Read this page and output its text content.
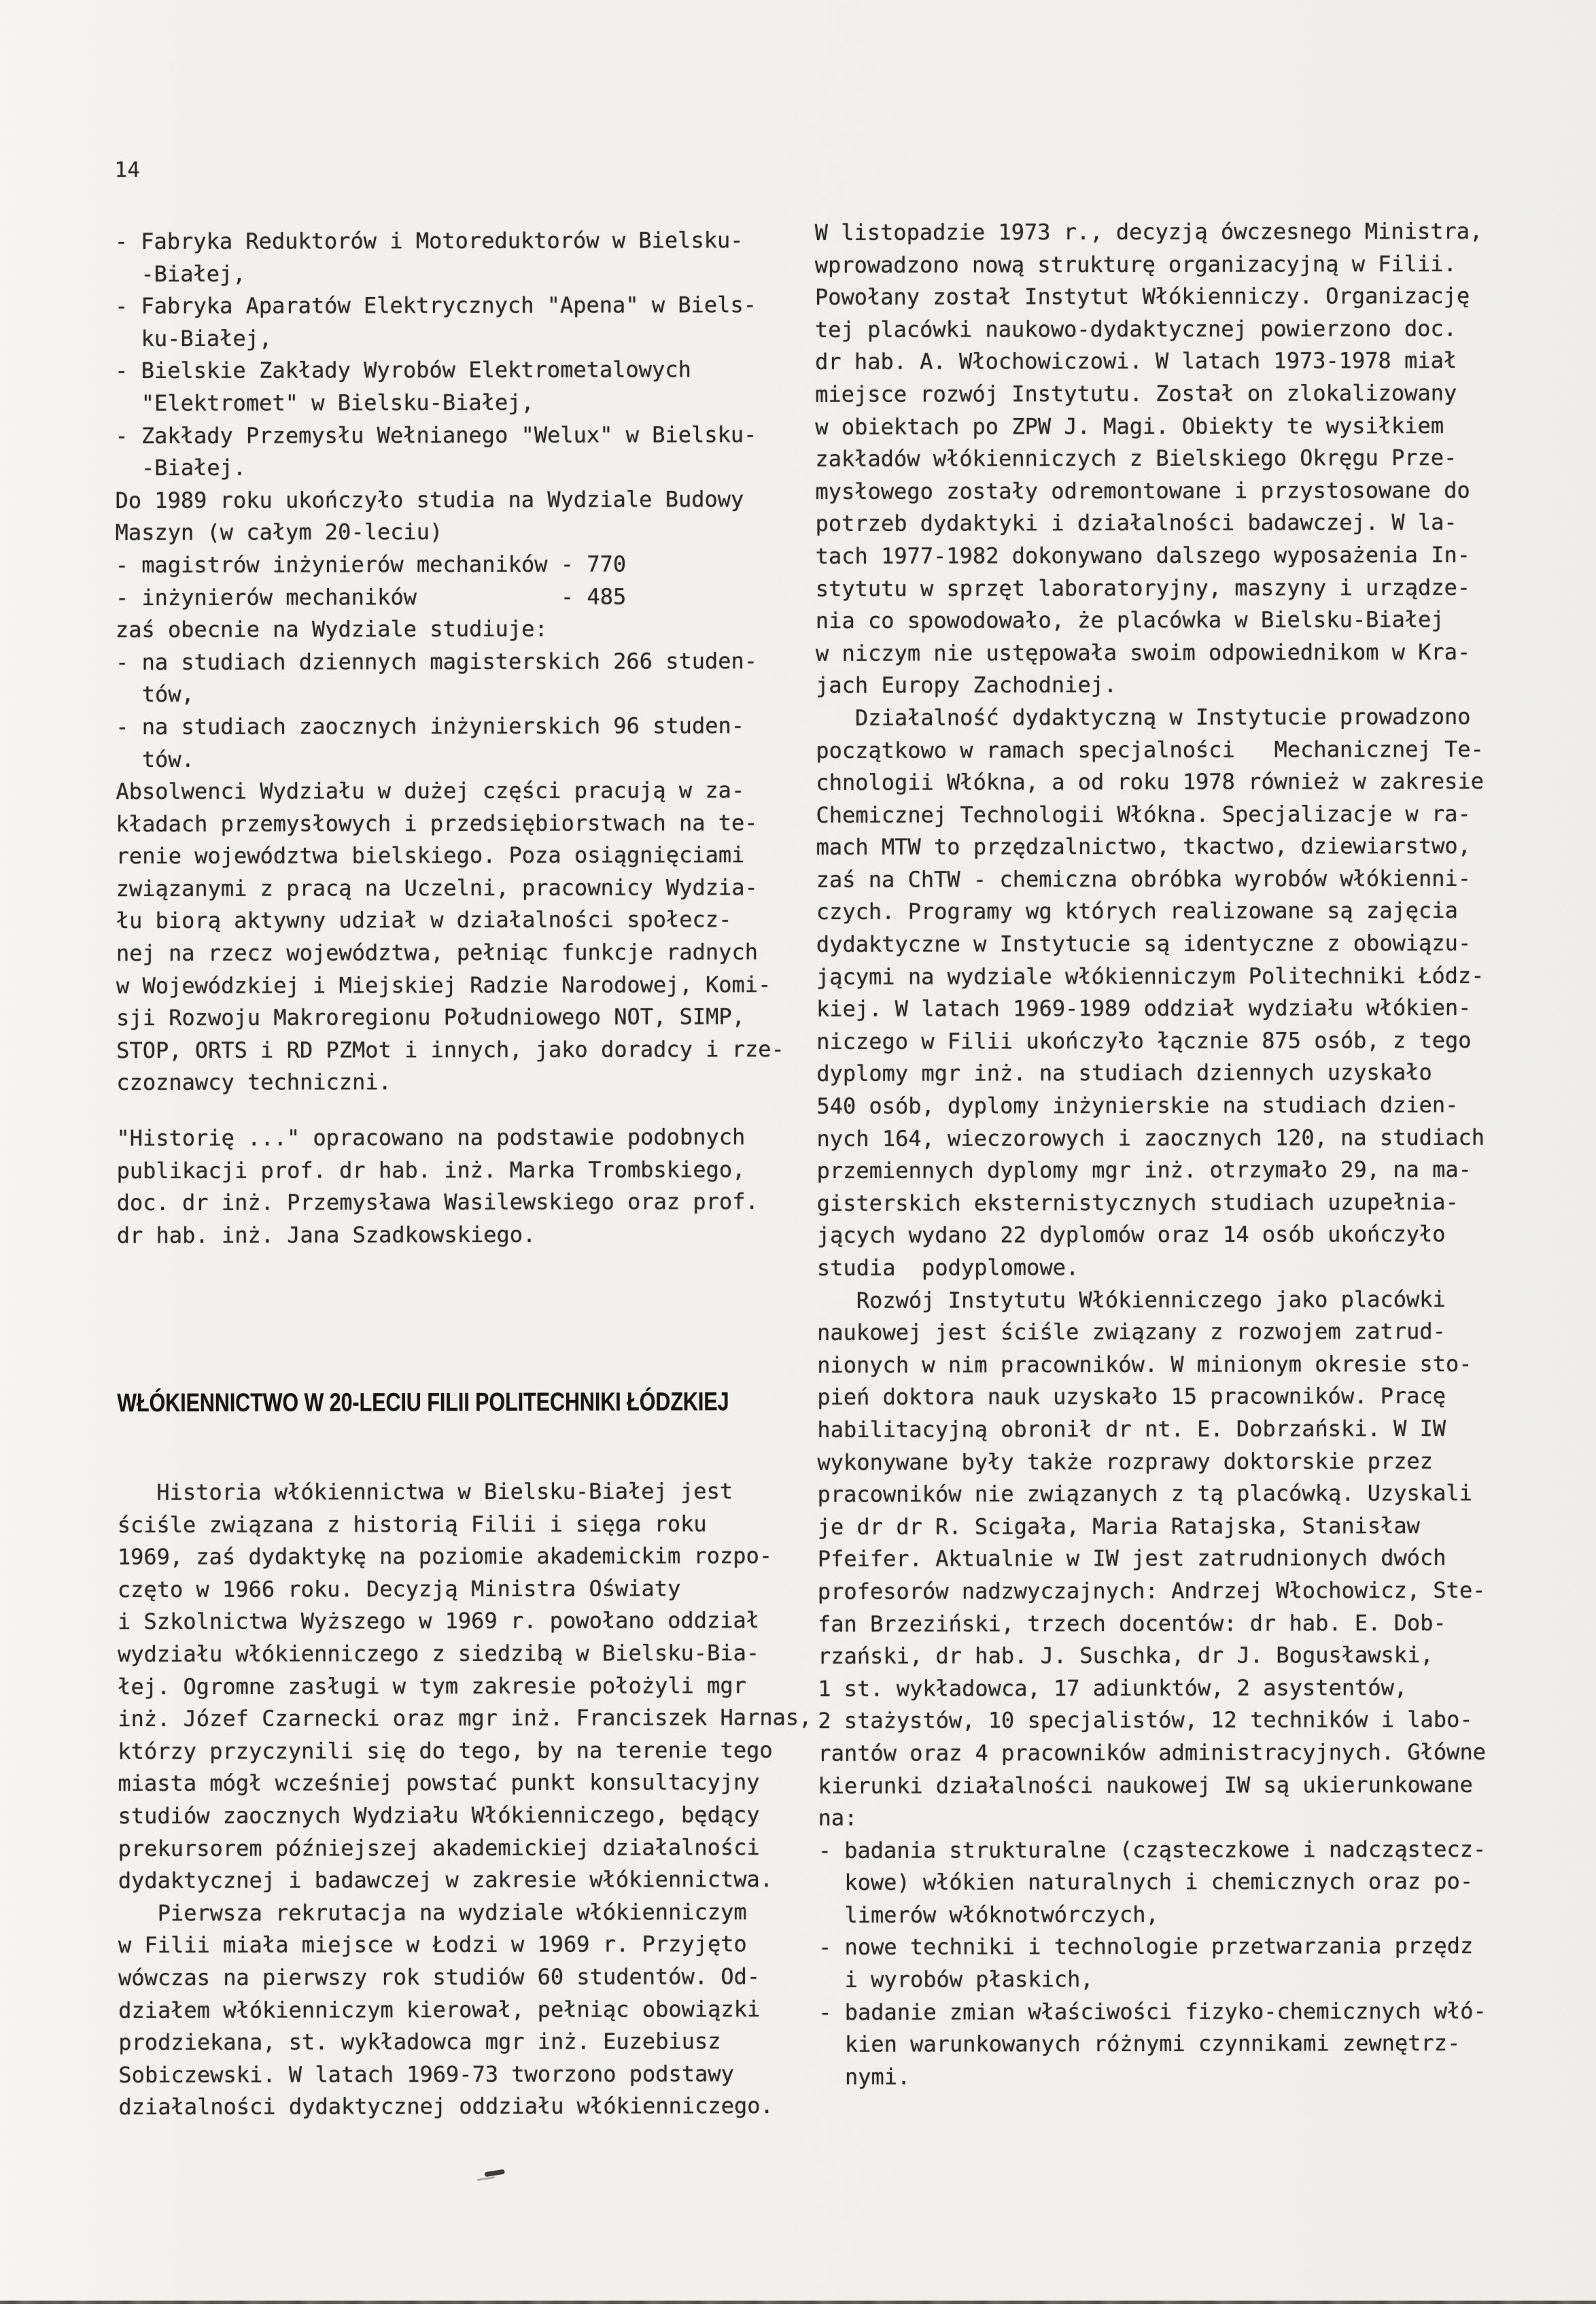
14
- Fabryka Reduktorów i Motoreduktorów w Bielsku-
-Białej,
- Fabryka Aparatów Elektrycznych "Apena" w Biels-
ku-Białej,
- Bielskie Zakłady Wyrobów Elektrometalowych
"Elektromet" w Bielsku-Białej,
- Zakłady Przemysłu Wełnianego "Welux" w Bielsku-
-Białej.
Do 1989 roku ukończyło studia na Wydziale Budowy
Maszyn (w całym 20-leciu)
- magistrów inżynierów mechaników - 770
- inżynierów mechaników           - 485
zaś obecnie na Wydziale studiuje:
- na studiach dziennych magisterskich 266 studen-
tów,
- na studiach zaocznych inżynierskich 96 studen-
tów.
Absolwenci Wydziału w dużej części pracują w za-
kładach przemysłowych i przedsiębiorstwach na te-
renie województwa bielskiego. Poza osiągnięciami
związanymi z pracą na Uczelni, pracownicy Wydzia-
łu biorą aktywny udział w działalności społecz-
nej na rzecz województwa, pełniąc funkcje radnych
w Wojewódzkiej i Miejskiej Radzie Narodowej, Komi-
sji Rozwoju Makroregionu Południowego NOT, SIMP,
STOP, ORTS i RD PZMot i innych, jako doradcy i rze-
czoznawcy techniczni.
"Historię ..." opracowano na podstawie podobnych
publikacji prof. dr hab. inż. Marka Trombskiego,
doc. dr inż. Przemysława Wasilewskiego oraz prof.
dr hab. inż. Jana Szadkowskiego.
WŁÓKIENNICTWO W 20-LECIU FILII POLITECHNIKI ŁÓDZKIEJ
Historia włókiennictwa w Bielsku-Białej jest
ściśle związana z historią Filii i sięga roku
1969, zaś dydaktykę na poziomie akademickim rozpo-
częto w 1966 roku. Decyzją Ministra Oświaty
i Szkolnictwa Wyższego w 1969 r. powołano oddział
wydziału włókienniczego z siedzibą w Bielsku-Bia-
łej. Ogromne zasługi w tym zakresie położyli mgr
inż. Józef Czarnecki oraz mgr inż. Franciszek Harnas,
którzy przyczynili się do tego, by na terenie tego
miasta mógł wcześniej powstać punkt konsultacyjny
studiów zaocznych Wydziału Włókienniczego, będący
prekursorem późniejszej akademickiej działalności
dydaktycznej i badawczej w zakresie włókiennictwa.
Pierwsza rekrutacja na wydziale włókienniczym
w Filii miała miejsce w Łodzi w 1969 r. Przyjęto
wówczas na pierwszy rok studiów 60 studentów. Od-
działem włókienniczym kierował, pełniąc obowiązki
prodziekana, st. wykładowca mgr inż. Euzebiusz
Sobiczewski. W latach 1969-73 tworzono podstawy
działalności dydaktycznej oddziału włókienniczego.
W listopadzie 1973 r., decyzją ówczesnego Ministra,
wprowadzono nową strukturę organizacyjną w Filii.
Powołany został Instytut Włókienniczy. Organizację
tej placówki naukowo-dydaktycznej powierzono doc.
dr hab. A. Włochowiczowi. W latach 1973-1978 miał
miejsce rozwój Instytutu. Został on zlokalizowany
w obiektach po ZPW J. Magi. Obiekty te wysiłkiem
zakładów włókienniczych z Bielskiego Okręgu Prze-
mysłowego zostały odremontowane i przystosowane do
potrzeb dydaktyki i działalności badawczej. W la-
tach 1977-1982 dokonywano dalszego wyposażenia In-
stytutu w sprzęt laboratoryjny, maszyny i urządze-
nia co spowodowało, że placówka w Bielsku-Białej
w niczym nie ustępowała swoim odpowiednikom w Kra-
jach Europy Zachodniej.
Działalność dydaktyczną w Instytucie prowadzono
początkowo w ramach specjalności   Mechanicznej Te-
chnologii Włókna, a od roku 1978 również w zakresie
Chemicznej Technologii Włókna. Specjalizacje w ra-
mach MTW to przędzalnictwo, tkactwo, dziewiarstwo,
zaś na ChTW - chemiczna obróbka wyrobów włókienni-
czych. Programy wg których realizowane są zajęcia
dydaktyczne w Instytucie są identyczne z obowiązu-
jącymi na wydziale włókienniczym Politechniki Łódz-
kiej. W latach 1969-1989 oddział wydziału włókien-
niczego w Filii ukończyło łącznie 875 osób, z tego
dyplomy mgr inż. na studiach dziennych uzyskało
540 osób, dyplomy inżynierskie na studiach dzien-
nych 164, wieczorowych i zaocznych 120, na studiach
przemiennych dyplomy mgr inż. otrzymało 29, na ma-
gisterskich eksternistycznych studiach uzupełnia-
jących wydano 22 dyplomów oraz 14 osób ukończyło
studia  podyplomowe.
Rozwój Instytutu Włókienniczego jako placówki
naukowej jest ściśle związany z rozwojem zatrud-
nionych w nim pracowników. W minionym okresie sto-
pień doktora nauk uzyskało 15 pracowników. Pracę
habilitacyjną obronił dr nt. E. Dobrzański. W IW
wykonywane były także rozprawy doktorskie przez
pracowników nie związanych z tą placówką. Uzyskali
je dr dr R. Scigała, Maria Ratajska, Stanisław
Pfeifer. Aktualnie w IW jest zatrudnionych dwóch
profesorów nadzwyczajnych: Andrzej Włochowicz, Ste-
fan Brzeziński, trzech docentów: dr hab. E. Dob-
rzański, dr hab. J. Suschka, dr J. Bogusławski,
1 st. wykładowca, 17 adiunktów, 2 asystentów,
2 stażystów, 10 specjalistów, 12 techników i labo-
rantów oraz 4 pracowników administracyjnych. Główne
kierunki działalności naukowej IW są ukierunkowane
na:
- badania strukturalne (cząsteczkowe i nadcząstecz-
kowe) włókien naturalnych i chemicznych oraz po-
limerów włóknotwórczych,
- nowe techniki i technologie przetwarzania przędz
i wyrobów płaskich,
- badanie zmian właściwości fizyko-chemicznych włó-
kien warunkowanych różnymi czynnikami zewnętrz-
nymi.
